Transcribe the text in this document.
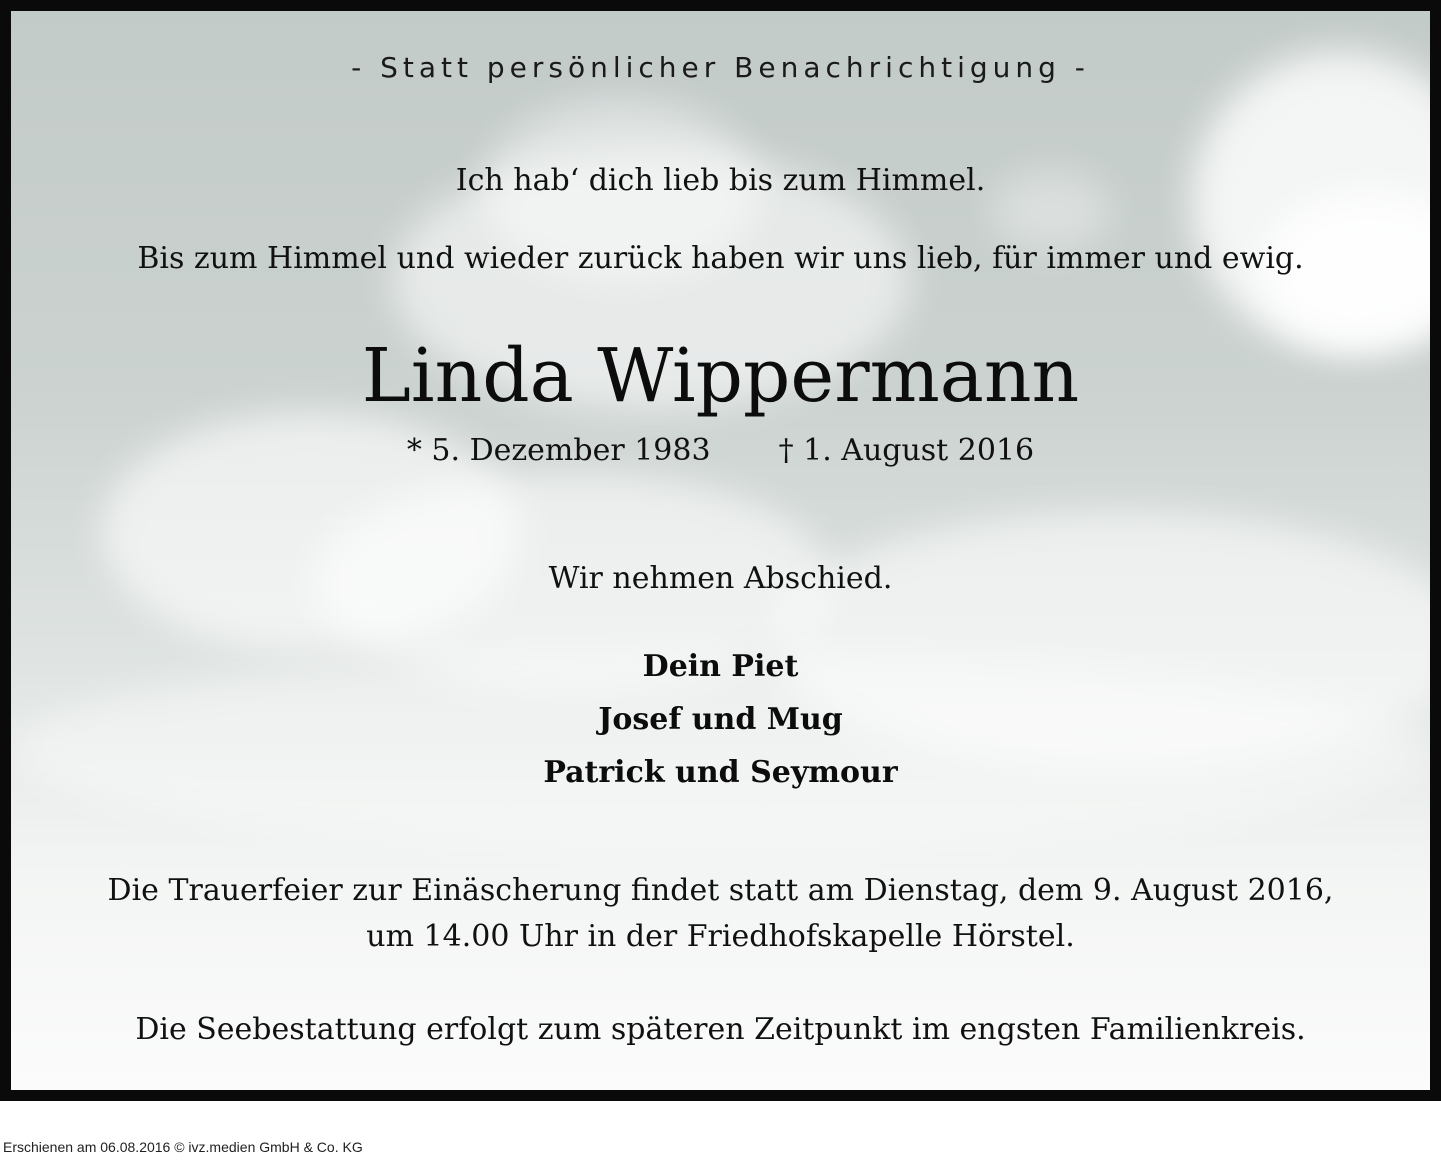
- Statt persönlicher Benachrichtigung -
Ich hab‘ dich lieb bis zum Himmel.
Bis zum Himmel und wieder zurück haben wir uns lieb, für immer und ewig.
Linda Wippermann
* 5. Dezember 1983 † 1. August 2016
Wir nehmen Abschied.
Dein Piet
Josef und Mug
Patrick und Seymour
Die Trauerfeier zur Einäscherung findet statt am Dienstag, dem 9. August 2016,
um 14.00 Uhr in der Friedhofskapelle Hörstel.
Die Seebestattung erfolgt zum späteren Zeitpunkt im engsten Familienkreis.
Erschienen am 06.08.2016 © ivz.medien GmbH & Co. KG
